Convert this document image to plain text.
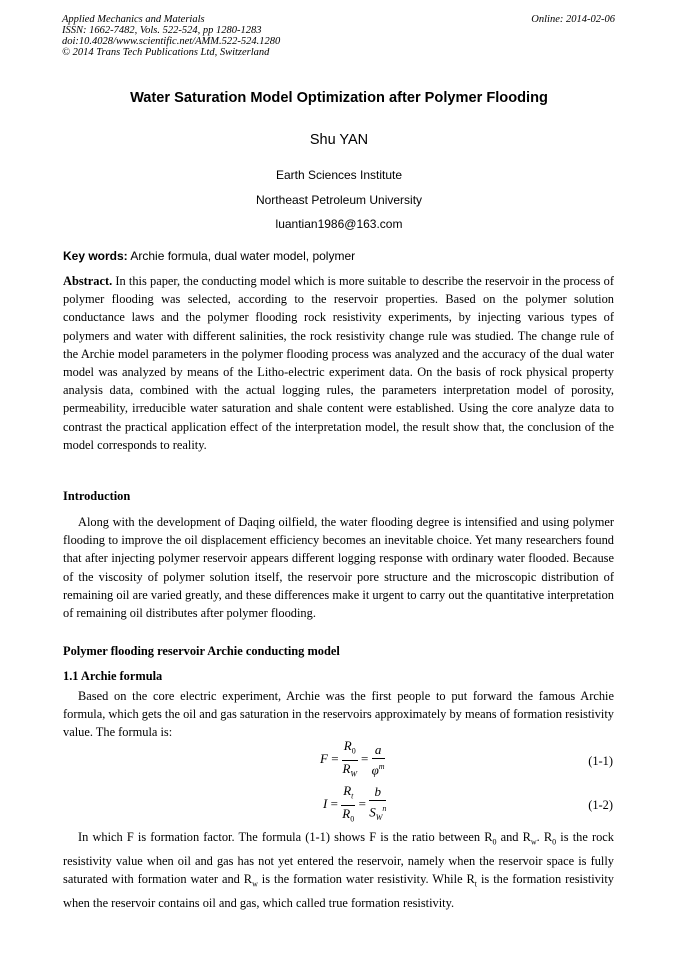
Applied Mechanics and Materials
ISSN: 1662-7482, Vols. 522-524, pp 1280-1283
doi:10.4028/www.scientific.net/AMM.522-524.1280
© 2014 Trans Tech Publications Ltd, Switzerland
Online: 2014-02-06
Water Saturation Model Optimization after Polymer Flooding
Shu YAN
Earth Sciences Institute
Northeast Petroleum University
luantian1986@163.com
Key words: Archie formula, dual water model, polymer
Abstract. In this paper, the conducting model which is more suitable to describe the reservoir in the process of polymer flooding was selected, according to the reservoir properties. Based on the polymer solution conductance laws and the polymer flooding rock resistivity experiments, by injecting various types of polymers and water with different salinities, the rock resistivity change rule was studied. The change rule of the Archie model parameters in the polymer flooding process was analyzed and the accuracy of the dual water model was analyzed by means of the Litho-electric experiment data. On the basis of rock physical property analysis data, combined with the actual logging rules, the parameters interpretation model of porosity, permeability, irreducible water saturation and shale content were established. Using the core analyze data to contrast the practical application effect of the interpretation model, the result show that, the conclusion of the model corresponds to reality.
Introduction
Along with the development of Daqing oilfield, the water flooding degree is intensified and using polymer flooding to improve the oil displacement efficiency becomes an inevitable choice. Yet many researchers found that after injecting polymer reservoir appears different logging response with ordinary water flooded. Because of the viscosity of polymer solution itself, the reservoir pore structure and the microscopic distribution of remaining oil are varied greatly, and these differences make it urgent to carry out the quantitative interpretation of remaining oil distributes after polymer flooding.
Polymer flooding reservoir Archie conducting model
1.1 Archie formula
Based on the core electric experiment, Archie was the first people to put forward the famous Archie formula, which gets the oil and gas saturation in the reservoirs approximately by means of formation resistivity value. The formula is:
$F = \frac{R_0}{R_W} = \frac{a}{\varphi^m}$	(1-1)
$I = \frac{R_t}{R_0} = \frac{b}{S_W^n}$	(1-2)
In which F is formation factor. The formula (1-1) shows F is the ratio between $R_0$ and $R_w$. $R_0$ is the rock resistivity value when oil and gas has not yet entered the reservoir, namely when the reservoir space is fully saturated with formation water and $R_w$ is the formation water resistivity. While $R_t$ is the formation resistivity when the reservoir contains oil and gas, which called true formation resistivity.
